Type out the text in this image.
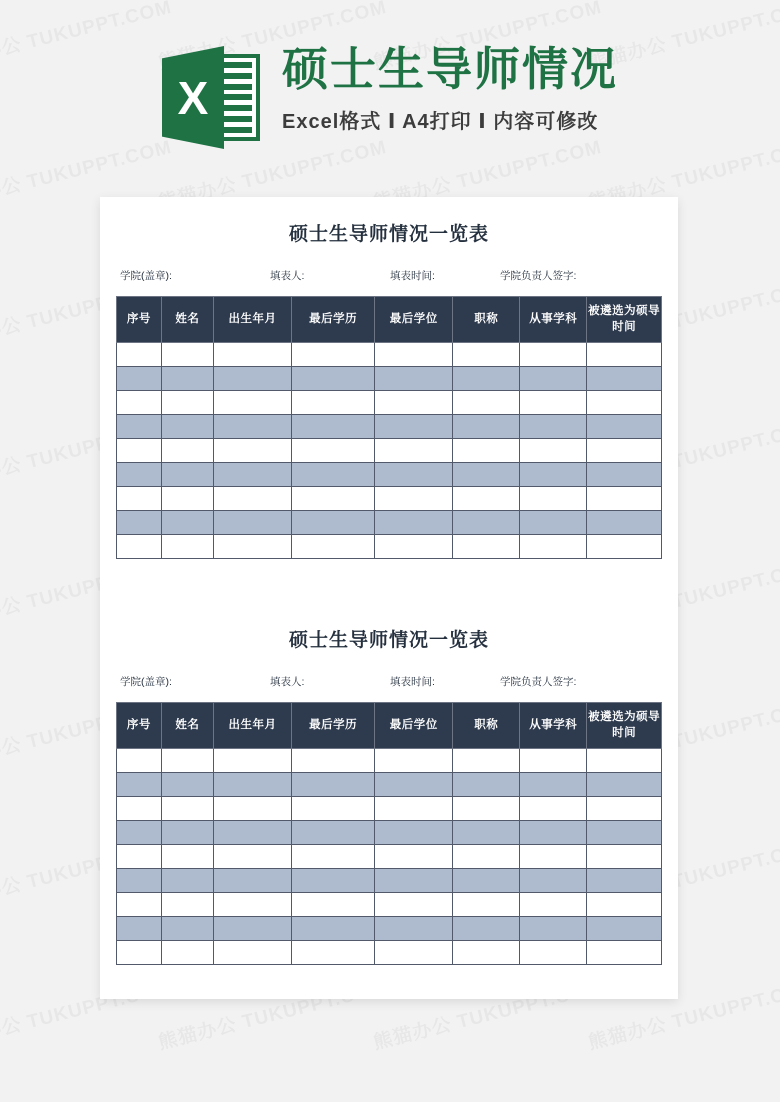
X
硕士生导师情况
Excel格式 Ⅰ A4打印 Ⅰ 内容可修改
硕士生导师情况一览表
学院(盖章):	填表人:	填表时间:	学院负责人签字:
序号	姓名	出生年月	最后学历	最后学位	职称	从事学科	被遴选为硕导时间

硕士生导师情况一览表
学院(盖章):	填表人:	填表时间:	学院负责人签字:
序号	姓名	出生年月	最后学历	最后学位	职称	从事学科	被遴选为硕导时间
